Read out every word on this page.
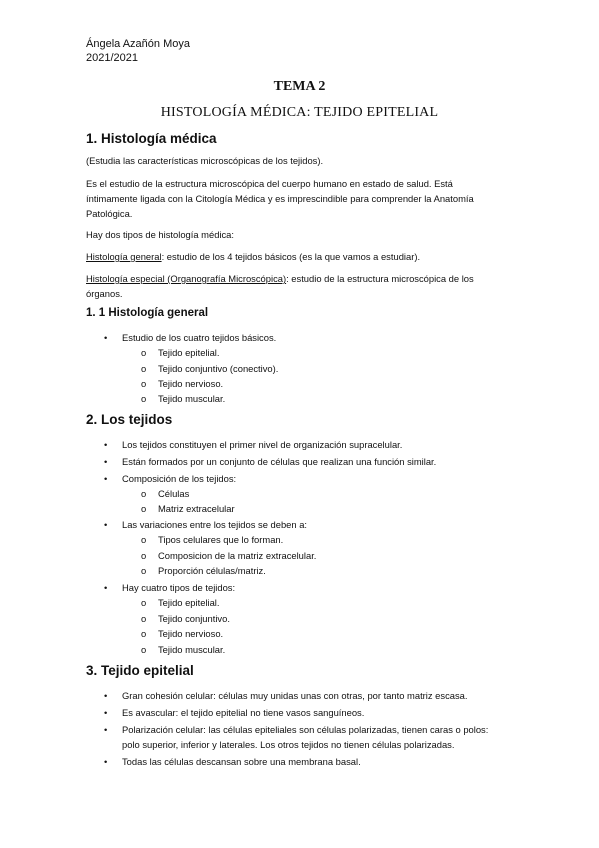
Ángela Azañón Moya
2021/2021
TEMA 2
HISTOLOGÍA MÉDICA: TEJIDO EPITELIAL
1. Histología médica
(Estudia las características microscópicas de los tejidos).
Es el estudio de la estructura microscópica del cuerpo humano en estado de salud. Está
íntimamente ligada con la Citología Médica y es imprescindible para comprender la Anatomía
Patológica.
Hay dos tipos de histología médica:
Histología general: estudio de los 4 tejidos básicos (es la que vamos a estudiar).
Histología especial (Organografía Microscópica): estudio de la estructura microscópica de los
órganos.
1. 1 Histología general
•	Estudio de los cuatro tejidos básicos.
o	Tejido epitelial.
o	Tejido conjuntivo (conectivo).
o	Tejido nervioso.
o	Tejido muscular.
2. Los tejidos
•	Los tejidos constituyen el primer nivel de organización supracelular.
•	Están formados por un conjunto de células que realizan una función similar.
•	Composición de los tejidos:
o	Células
o	Matriz extracelular
•	Las variaciones entre los tejidos se deben a:
o	Tipos celulares que lo forman.
o	Composicion de la matriz extracelular.
o	Proporción células/matriz.
•	Hay cuatro tipos de tejidos:
o	Tejido epitelial.
o	Tejido conjuntivo.
o	Tejido nervioso.
o	Tejido muscular.
3. Tejido epitelial
•	Gran cohesión celular: células muy unidas unas con otras, por tanto matriz escasa.
•	Es avascular: el tejido epitelial no tiene vasos sanguíneos.
•	Polarización celular: las células epiteliales son células polarizadas, tienen caras o polos:
polo superior, inferior y laterales. Los otros tejidos no tienen células polarizadas.
•	Todas las células descansan sobre una membrana basal.
